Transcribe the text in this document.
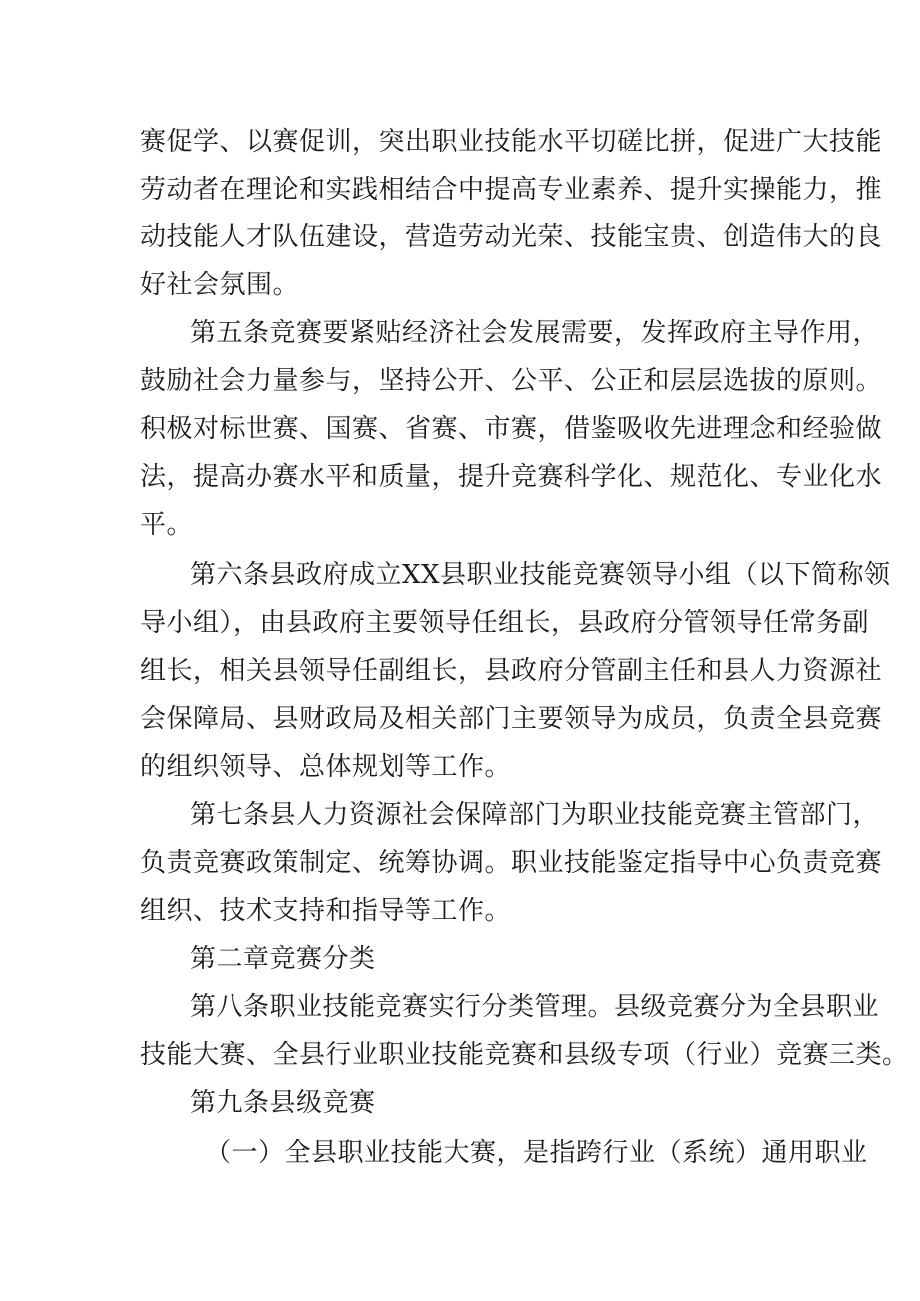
赛促学、以赛促训，突出职业技能水平切磋比拼，促进广大技能
劳动者在理论和实践相结合中提高专业素养、提升实操能力，推
动技能人才队伍建设，营造劳动光荣、技能宝贵、创造伟大的良
好社会氛围。
第五条竞赛要紧贴经济社会发展需要，发挥政府主导作用，
鼓励社会力量参与，坚持公开、公平、公正和层层选拔的原则。
积极对标世赛、国赛、省赛、市赛，借鉴吸收先进理念和经验做
法，提高办赛水平和质量，提升竞赛科学化、规范化、专业化水
平。
第六条县政府成立XX县职业技能竞赛领导小组（以下简称领
导小组），由县政府主要领导任组长，县政府分管领导任常务副
组长，相关县领导任副组长，县政府分管副主任和县人力资源社
会保障局、县财政局及相关部门主要领导为成员，负责全县竞赛
的组织领导、总体规划等工作。
第七条县人力资源社会保障部门为职业技能竞赛主管部门，
负责竞赛政策制定、统筹协调。职业技能鉴定指导中心负责竞赛
组织、技术支持和指导等工作。
第二章竞赛分类
第八条职业技能竞赛实行分类管理。县级竞赛分为全县职业
技能大赛、全县行业职业技能竞赛和县级专项（行业）竞赛三类。
第九条县级竞赛
（一）全县职业技能大赛，是指跨行业（系统）通用职业
